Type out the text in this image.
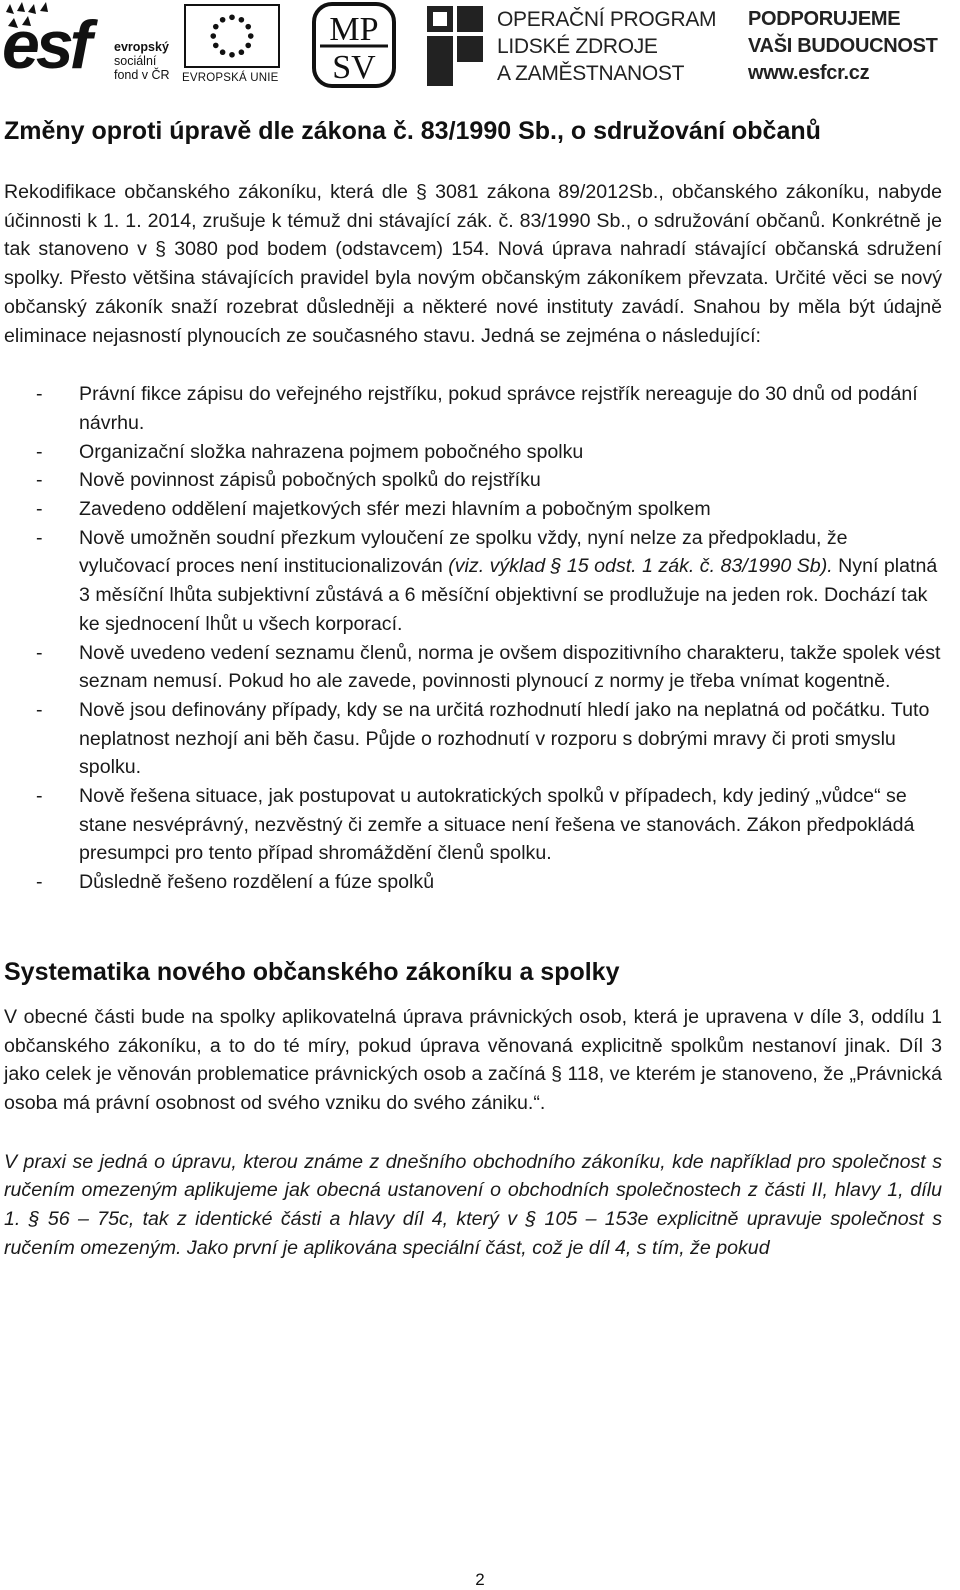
esf evropský
sociální
fond v ČR EVROPSKÁ UNIE
MP
SV
OPERAČNÍ PROGRAM
LIDSKÉ ZDROJE
A ZAMĚSTNANOST
PODPORUJEME
VAŠI BUDOUCNOST
www.esfcr.cz
Změny oproti úpravě dle zákona č. 83/1990 Sb., o sdružování občanů

Rekodifikace občanského zákoníku, která dle § 3081 zákona 89/2012Sb., občanského zákoníku, nabyde účinnosti k 1. 1. 2014, zrušuje k témuž dni stávající zák. č. 83/1990 Sb., o sdružování občanů. Konkrétně je tak stanoveno v § 3080 pod bodem (odstavcem) 154. Nová úprava nahradí stávající občanská sdružení spolky. Přesto většina stávajících pravidel byla novým občanským zákoníkem převzata. Určité věci se nový občanský zákoník snaží rozebrat důsledněji a některé nové instituty zavádí. Snahou by měla být údajně eliminace nejasností plynoucích ze současného stavu. Jedná se zejména o následující:

- Právní fikce zápisu do veřejného rejstříku, pokud správce rejstřík nereaguje do 30 dnů od podání návrhu.
- Organizační složka nahrazena pojmem pobočného spolku
- Nově povinnost zápisů pobočných spolků do rejstříku
- Zavedeno oddělení majetkových sfér mezi hlavním a pobočným spolkem
- Nově umožněn soudní přezkum vyloučení ze spolku vždy, nyní nelze za předpokladu, že vylučovací proces není institucionalizován (viz. výklad § 15 odst. 1 zák. č. 83/1990 Sb). Nyní platná 3 měsíční lhůta subjektivní zůstává a 6 měsíční objektivní se prodlužuje na jeden rok. Dochází tak ke sjednocení lhůt u všech korporací.
- Nově uvedeno vedení seznamu členů, norma je ovšem dispozitivního charakteru, takže spolek vést seznam nemusí. Pokud ho ale zavede, povinnosti plynoucí z normy je třeba vnímat kogentně.
- Nově jsou definovány případy, kdy se na určitá rozhodnutí hledí jako na neplatná od počátku. Tuto neplatnost nezhojí ani běh času. Půjde o rozhodnutí v rozporu s dobrými mravy či proti smyslu spolku.
- Nově řešena situace, jak postupovat u autokratických spolků v případech, kdy jediný „vůdce“ se stane nesvéprávný, nezvěstný či zemře a situace není řešena ve stanovách. Zákon předpokládá presumpci pro tento případ shromáždění členů spolku.
- Důsledně řešeno rozdělení a fúze spolků
Systematika nového občanského zákoníku a spolky

V obecné části bude na spolky aplikovatelná úprava právnických osob, která je upravena v díle 3, oddílu 1 občanského zákoníku, a to do té míry, pokud úprava věnovaná explicitně spolkům nestanoví jinak. Díl 3 jako celek je věnován problematice právnických osob a začíná § 118, ve kterém je stanoveno, že „Právnická osoba má právní osobnost od svého vzniku do svého zániku.“.

V praxi se jedná o úpravu, kterou známe z dnešního obchodního zákoníku, kde například pro společnost s ručením omezeným aplikujeme jak obecná ustanovení o obchodních společnostech z části II, hlavy 1, dílu 1. § 56 – 75c, tak z identické části a hlavy díl 4, který v § 105 – 153e explicitně upravuje společnost s ručením omezeným. Jako první je aplikována speciální část, což je díl 4, s tím, že pokud

2
